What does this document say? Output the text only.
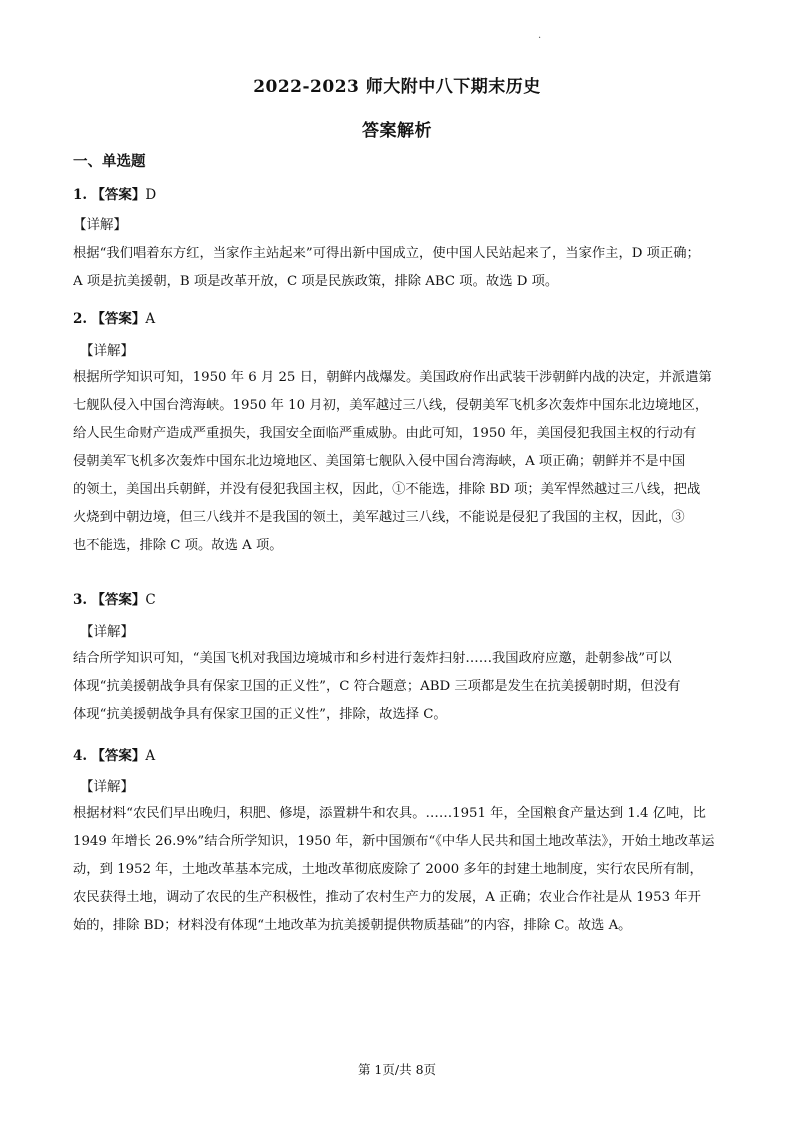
.
2022-2023 师大附中八下期末历史
答案解析
一、单选题
1. 【答案】D
【详解】
根据“我们唱着东方红，当家作主站起来”可得出新中国成立，使中国人民站起来了，当家作主，D 项正确；
A 项是抗美援朝，B 项是改革开放，C 项是民族政策，排除 ABC 项。故选 D 项。
2. 【答案】A
【详解】
根据所学知识可知，1950 年 6 月 25 日，朝鲜内战爆发。美国政府作出武装干涉朝鲜内战的决定，并派遣第
七舰队侵入中国台湾海峡。1950 年 10 月初，美军越过三八线，侵朝美军飞机多次轰炸中国东北边境地区，
给人民生命财产造成严重损失，我国安全面临严重威胁。由此可知，1950 年，美国侵犯我国主权的行动有
侵朝美军飞机多次轰炸中国东北边境地区、美国第七舰队入侵中国台湾海峡，A 项正确；朝鲜并不是中国
的领土，美国出兵朝鲜，并没有侵犯我国主权，因此，①不能选，排除 BD 项；美军悍然越过三八线，把战
火烧到中朝边境，但三八线并不是我国的领土，美军越过三八线，不能说是侵犯了我国的主权，因此，③
也不能选，排除 C 项。故选 A 项。
3. 【答案】C
【详解】
结合所学知识可知，“美国飞机对我国边境城市和乡村进行轰炸扫射……我国政府应邀，赴朝参战”可以
体现“抗美援朝战争具有保家卫国的正义性”，C 符合题意；ABD 三项都是发生在抗美援朝时期，但没有
体现“抗美援朝战争具有保家卫国的正义性”，排除，故选择 C。
4. 【答案】A
【详解】
根据材料“农民们早出晚归，积肥、修堤，添置耕牛和农具。……1951 年，全国粮食产量达到 1.4 亿吨，比
1949 年增长 26.9%”结合所学知识，1950 年，新中国颁布“《中华人民共和国土地改革法》，开始土地改革运
动，到 1952 年，土地改革基本完成，土地改革彻底废除了 2000 多年的封建土地制度，实行农民所有制，
农民获得土地，调动了农民的生产积极性，推动了农村生产力的发展，A 正确；农业合作社是从 1953 年开
始的，排除 BD；材料没有体现“土地改革为抗美援朝提供物质基础”的内容，排除 C。故选 A。
第 1页/共 8页
